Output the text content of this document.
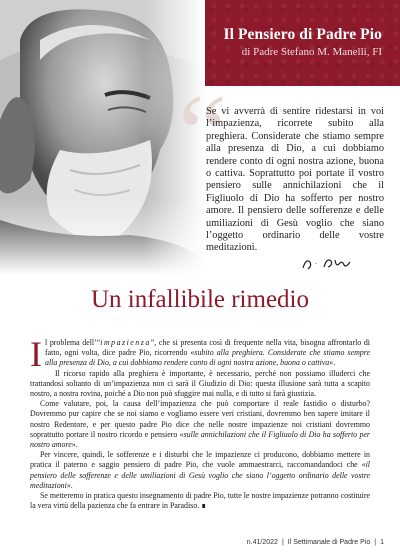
Il Pensiero di Padre Pio
di Padre Stefano M. Manelli, FI
“

Se vi avverrà di sentire ridestarsi in voi l’impazienza, ricorrete subito alla preghiera. Considerate che stiamo sempre alla presenza di Dio, a cui dobbiamo rendere conto di ogni nostra azione, buona o cattiva. Soprattutto poi portate il vostro pensiero sulle annichilazioni che il Figliuolo di Dio ha sofferto per nostro amore. Il pensiero delle sofferenze e delle umiliazioni di Gesù voglio che siano l’oggetto ordinario delle vostre meditazioni.

Un infallibile rimedio

Il problema dell’“impazienza”, che si presenta così di frequente nella vita, bisogna affrontarlo di fatto, ogni volta, dice padre Pio, ricorrendo «subito alla preghiera. Considerate che stiamo sempre alla presenza di Dio, a cui dobbiamo rendere conto di ogni nostra azione, buona o cattiva».

Il ricorso rapido alla preghiera è importante, è necessario, perché non possiamo illuderci che trattandosi soltanto di un’impazienza non ci sarà il Giudizio di Dio: questa illusione sarà tutta a scapito nostro, a nostra rovina, poiché a Dio non può sfuggire mai nulla, e di tutto si farà giustizia.

Come valutare, poi, la causa dell’impazienza che può comportare il reale fastidio o disturbo? Dovremmo pur capire che se noi siamo e vogliamo essere veri cristiani, dovremmo ben sapere imitare il nostro Redentore, e per questo padre Pio dice che nelle nostre impazienze noi cristiani dovremmo soprattutto portare il nostro ricordo e pensiero «sulle annichilazioni che il Figliuolo di Dio ha sofferto per nostro amore».

Per vincere, quindi, le sofferenze e i disturbi che le impazienze ci producono, dobbiamo mettere in pratica il paterno e saggio pensiero di padre Pio, che vuole ammaestrarci, raccomandandoci che «il pensiero delle sofferenze e delle umiliazioni di Gesù voglio che siano l’oggetto ordinario delle vostre meditazioni».

Se metteremo in pratica questo insegnamento di padre Pio, tutte le nostre impazienze potranno costituire la vera virtù della pazienza che fa entrare in Paradiso. ∎

n.41/2022 | Il Settimanale di Padre Pio | 1
